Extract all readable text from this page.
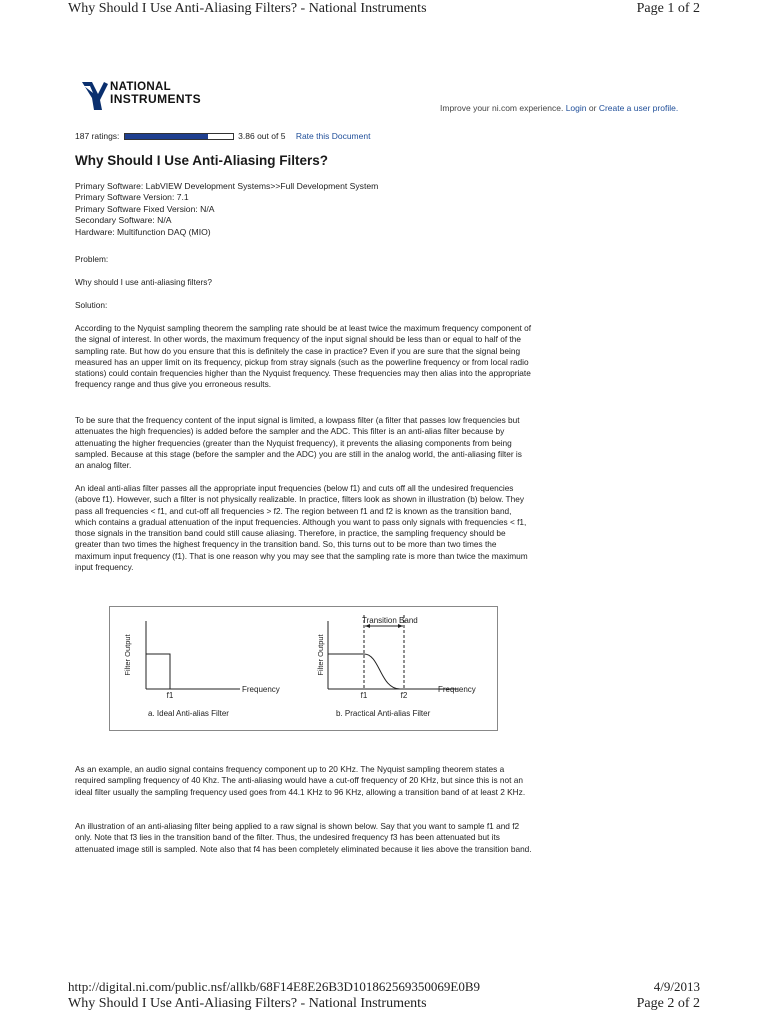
Why Should I Use Anti-Aliasing Filters? - National Instruments	Page 1 of 2
NATIONAL
INSTRUMENTS
Improve your ni.com experience. Login or Create a user profile.
187 ratings:	3.86 out of 5 Rate this Document
Why Should I Use Anti-Aliasing Filters?
Primary Software: LabVIEW Development Systems>>Full Development System
Primary Software Version: 7.1
Primary Software Fixed Version: N/A
Secondary Software: N/A
Hardware: Multifunction DAQ (MIO)

Problem:

Why should I use anti-aliasing filters?

Solution:

According to the Nyquist sampling theorem the sampling rate should be at least twice the maximum frequency component of the signal of interest. In other words, the maximum frequency of the input signal should be less than or equal to half of the sampling rate. But how do you ensure that this is definitely the case in practice? Even if you are sure that the signal being measured has an upper limit on its frequency, pickup from stray signals (such as the powerline frequency or from local radio stations) could contain frequencies higher than the Nyquist frequency. These frequencies may then alias into the appropriate frequency range and thus give you erroneous results.

To be sure that the frequency content of the input signal is limited, a lowpass filter (a filter that passes low frequencies but attenuates the high frequencies) is added before the sampler and the ADC. This filter is an anti-alias filter because by attenuating the higher frequencies (greater than the Nyquist frequency), it prevents the aliasing components from being sampled. Because at this stage (before the sampler and the ADC) you are still in the analog world, the anti-aliasing filter is an analog filter.

An ideal anti-alias filter passes all the appropriate input frequencies (below f1) and cuts off all the undesired frequencies (above f1). However, such a filter is not physically realizable. In practice, filters look as shown in illustration (b) below. They pass all frequencies < f1, and cut-off all frequencies > f2. The region between f1 and f2 is known as the transition band, which contains a gradual attenuation of the input frequencies. Although you want to pass only signals with frequencies < f1, those signals in the transition band could still cause aliasing. Therefore, in practice, the sampling frequency should be greater than two times the highest frequency in the transition band. So, this turns out to be more than two times the maximum input frequency (f1). That is one reason why you may see that the sampling rate is more than twice the maximum input frequency.

Filter Output
Frequency
f1
a. Ideal Anti-alias Filter
Transition Band
Filter Output
Frequency
f1	f2
b. Practical Anti-alias Filter

As an example, an audio signal contains frequency component up to 20 KHz. The Nyquist sampling theorem states a required sampling frequency of 40 Khz. The anti-aliasing would have a cut-off frequency of 20 KHz, but since this is not an ideal filter usually the sampling frequency used goes from 44.1 KHz to 96 KHz, allowing a transition band of at least 2 KHz.

An illustration of an anti-aliasing filter being applied to a raw signal is shown below. Say that you want to sample f1 and f2 only. Note that f3 lies in the transition band of the filter. Thus, the undesired frequency f3 has been attenuated but its attenuated image still is sampled. Note also that f4 has been completely eliminated because it lies above the transition band.

http://digital.ni.com/public.nsf/allkb/68F14E8E26B3D101862569350069E0B9	4/9/2013
Why Should I Use Anti-Aliasing Filters? - National Instruments	Page 2 of 2
